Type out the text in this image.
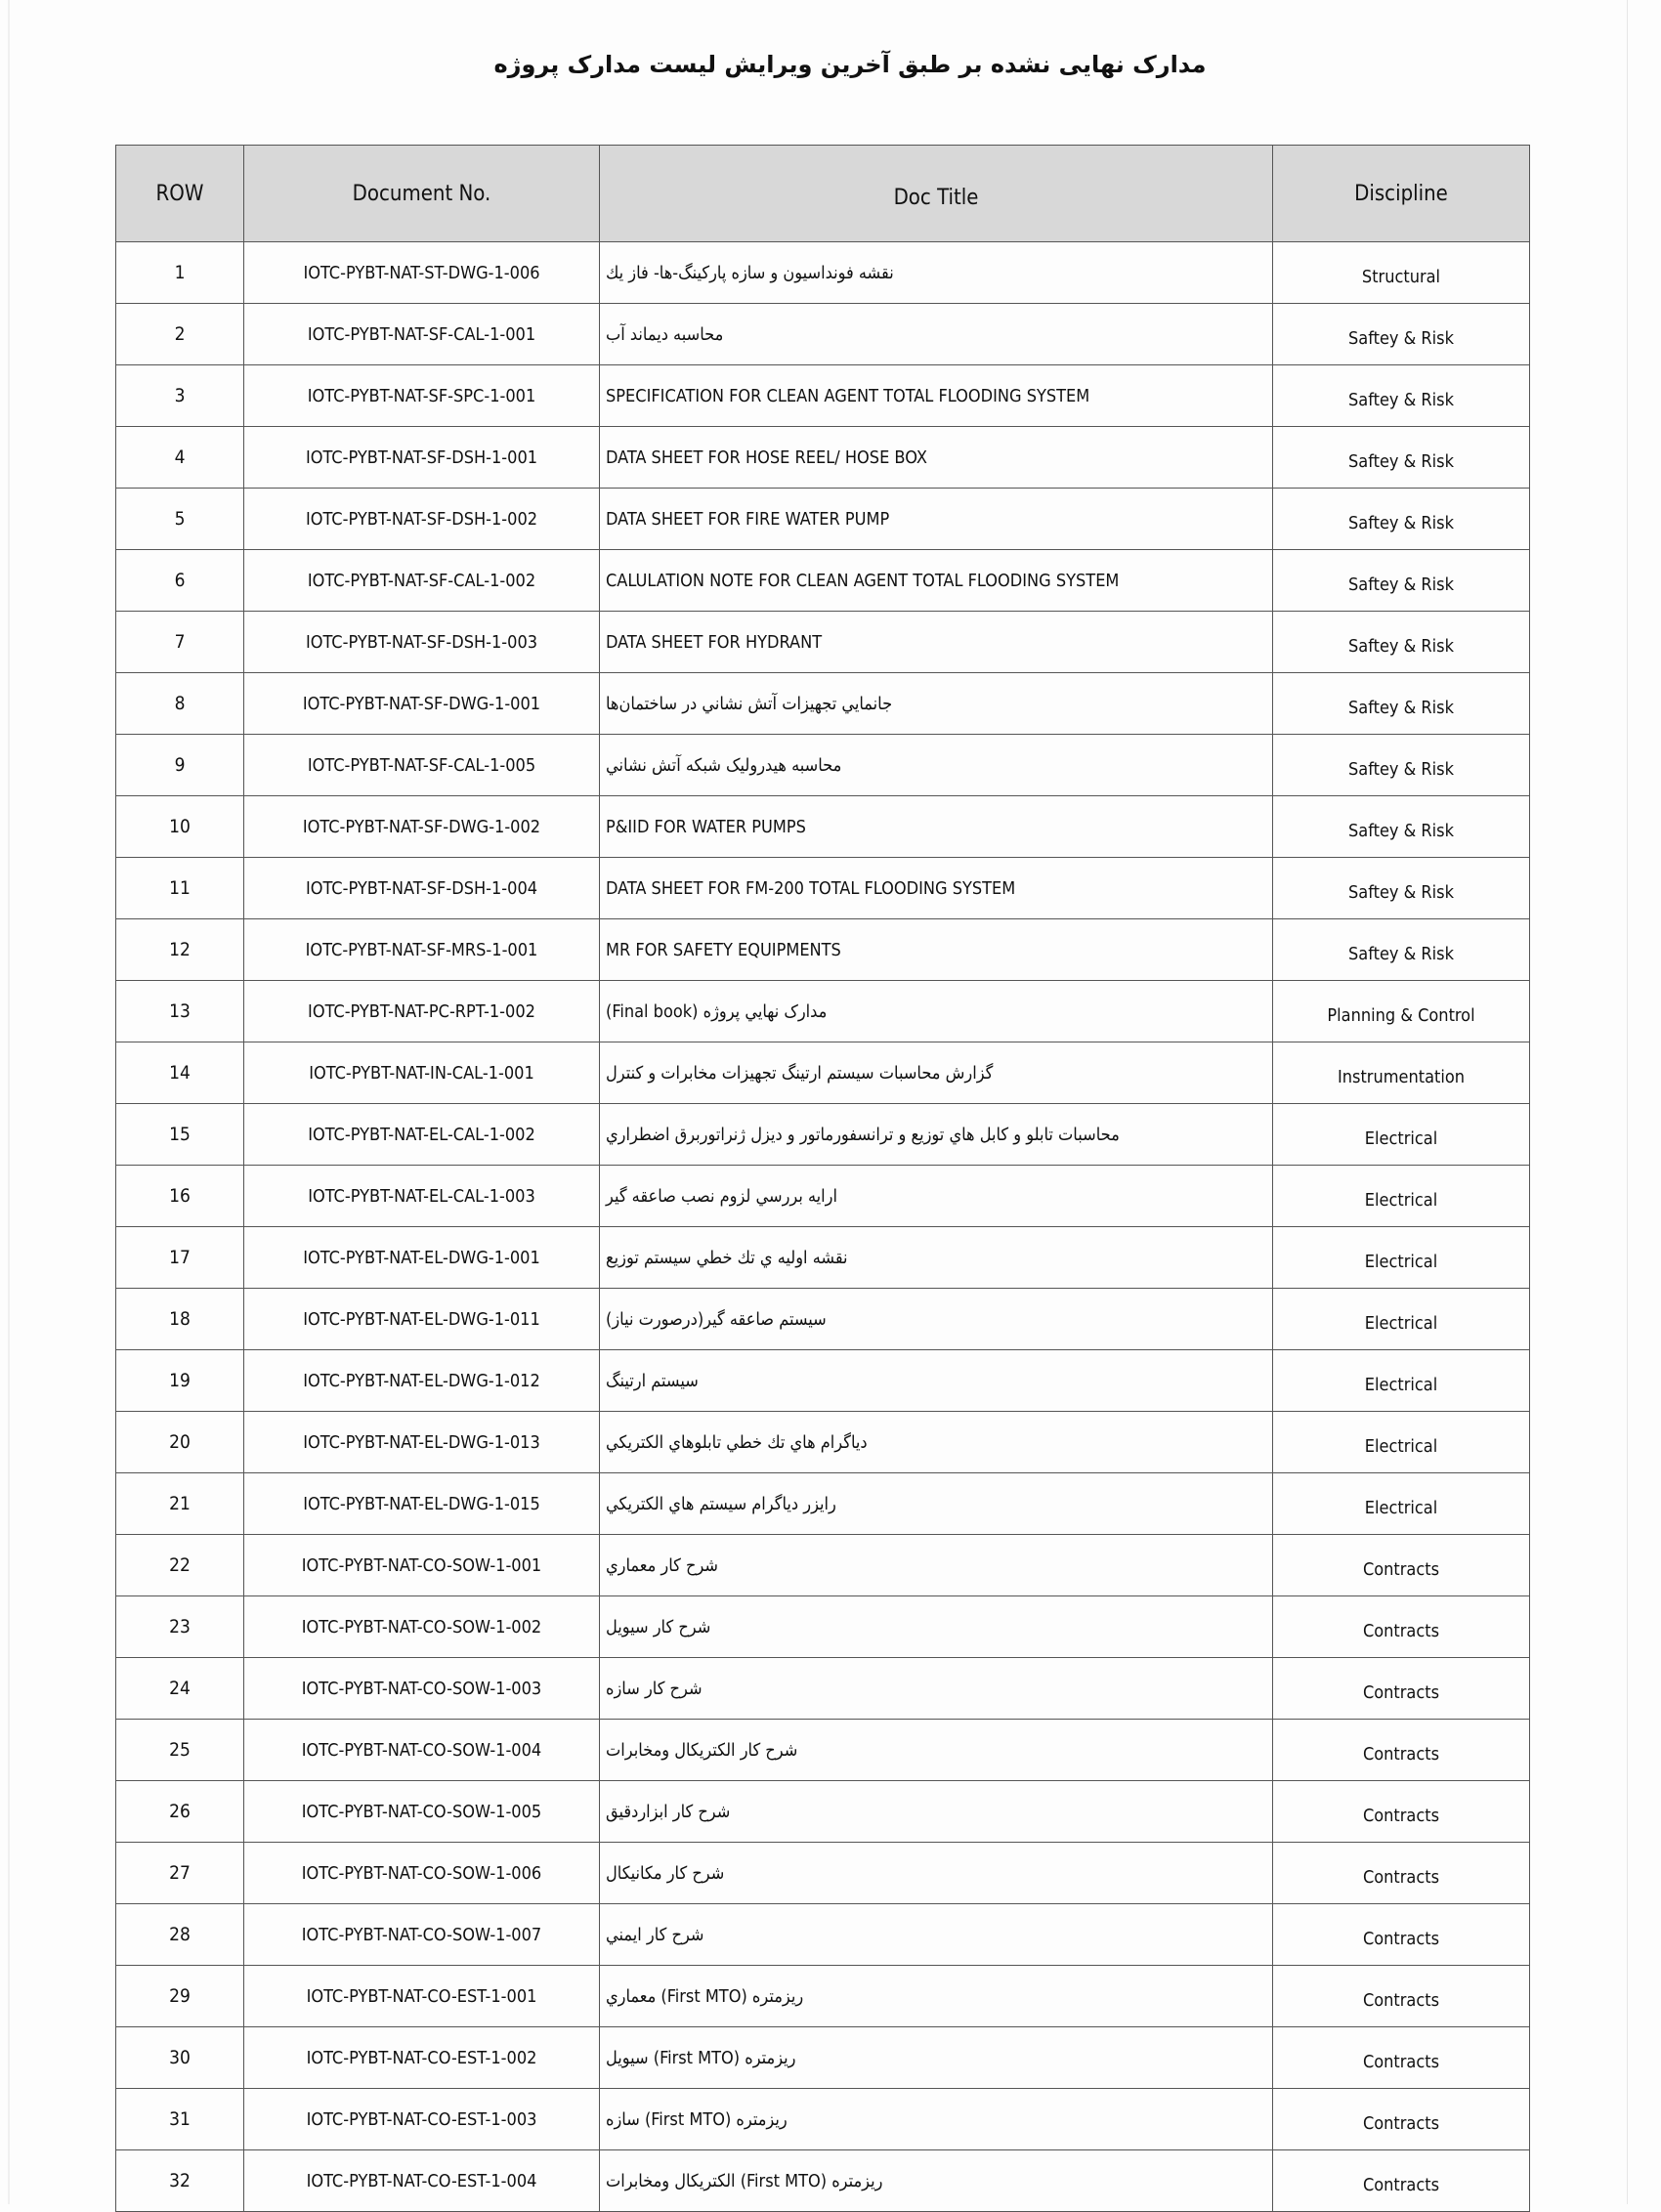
مدارک نهایی نشده بر طبق آخرین ویرایش لیست مدارک پروژه
ROW	Document No.	Doc Title	Discipline
1	IOTC-PYBT-NAT-ST-DWG-1-006	نقشه فونداسیون و سازه پارکینگ-ها- فاز یك	Structural
2	IOTC-PYBT-NAT-SF-CAL-1-001	محاسبه دیماند آب	Saftey & Risk
3	IOTC-PYBT-NAT-SF-SPC-1-001	SPECIFICATION FOR CLEAN AGENT TOTAL FLOODING SYSTEM	Saftey & Risk
4	IOTC-PYBT-NAT-SF-DSH-1-001	DATA SHEET FOR HOSE REEL/ HOSE BOX	Saftey & Risk
5	IOTC-PYBT-NAT-SF-DSH-1-002	DATA SHEET FOR FIRE WATER PUMP	Saftey & Risk
6	IOTC-PYBT-NAT-SF-CAL-1-002	CALULATION NOTE FOR CLEAN AGENT TOTAL FLOODING SYSTEM	Saftey & Risk
7	IOTC-PYBT-NAT-SF-DSH-1-003	DATA SHEET FOR HYDRANT	Saftey & Risk
8	IOTC-PYBT-NAT-SF-DWG-1-001	جانمايي تجهيزات آتش نشاني در ساختمان‌ها	Saftey & Risk
9	IOTC-PYBT-NAT-SF-CAL-1-005	محاسبه هيدروليک شبكه آتش نشاني	Saftey & Risk
10	IOTC-PYBT-NAT-SF-DWG-1-002	P&IID FOR WATER PUMPS	Saftey & Risk
11	IOTC-PYBT-NAT-SF-DSH-1-004	DATA SHEET FOR FM-200 TOTAL FLOODING SYSTEM	Saftey & Risk
12	IOTC-PYBT-NAT-SF-MRS-1-001	MR FOR SAFETY EQUIPMENTS	Saftey & Risk
13	IOTC-PYBT-NAT-PC-RPT-1-002	مدارک نهايي پروژه (Final book)	Planning & Control
14	IOTC-PYBT-NAT-IN-CAL-1-001	گزارش محاسبات سيستم ارتينگ تجهيزات مخابرات و كنترل	Instrumentation
15	IOTC-PYBT-NAT-EL-CAL-1-002	محاسبات تابلو و كابل هاي توزيع و ترانسفورماتور و ديزل ژنراتوربرق اضطراري	Electrical
16	IOTC-PYBT-NAT-EL-CAL-1-003	ارايه بررسي لزوم نصب صاعقه گير	Electrical
17	IOTC-PYBT-NAT-EL-DWG-1-001	نقشه اوليه ي تك خطي سيستم توزيع	Electrical
18	IOTC-PYBT-NAT-EL-DWG-1-011	سيستم صاعقه گير(درصورت نياز)	Electrical
19	IOTC-PYBT-NAT-EL-DWG-1-012	سيستم ارتينگ	Electrical
20	IOTC-PYBT-NAT-EL-DWG-1-013	دياگرام هاي تك خطي تابلوهاي الكتريكي	Electrical
21	IOTC-PYBT-NAT-EL-DWG-1-015	رايزر دياگرام سيستم هاي الكتريكي	Electrical
22	IOTC-PYBT-NAT-CO-SOW-1-001	شرح كار معماري	Contracts
23	IOTC-PYBT-NAT-CO-SOW-1-002	شرح كار سيويل	Contracts
24	IOTC-PYBT-NAT-CO-SOW-1-003	شرح كار سازه	Contracts
25	IOTC-PYBT-NAT-CO-SOW-1-004	شرح كار الكتريكال ومخابرات	Contracts
26	IOTC-PYBT-NAT-CO-SOW-1-005	شرح كار ابزاردقيق	Contracts
27	IOTC-PYBT-NAT-CO-SOW-1-006	شرح كار مكانيكال	Contracts
28	IOTC-PYBT-NAT-CO-SOW-1-007	شرح كار ايمني	Contracts
29	IOTC-PYBT-NAT-CO-EST-1-001	ريزمتره (First MTO) معماري	Contracts
30	IOTC-PYBT-NAT-CO-EST-1-002	ريزمتره (First MTO) سيويل	Contracts
31	IOTC-PYBT-NAT-CO-EST-1-003	ريزمتره (First MTO) سازه	Contracts
32	IOTC-PYBT-NAT-CO-EST-1-004	ريزمتره (First MTO) الكتريكال ومخابرات	Contracts
